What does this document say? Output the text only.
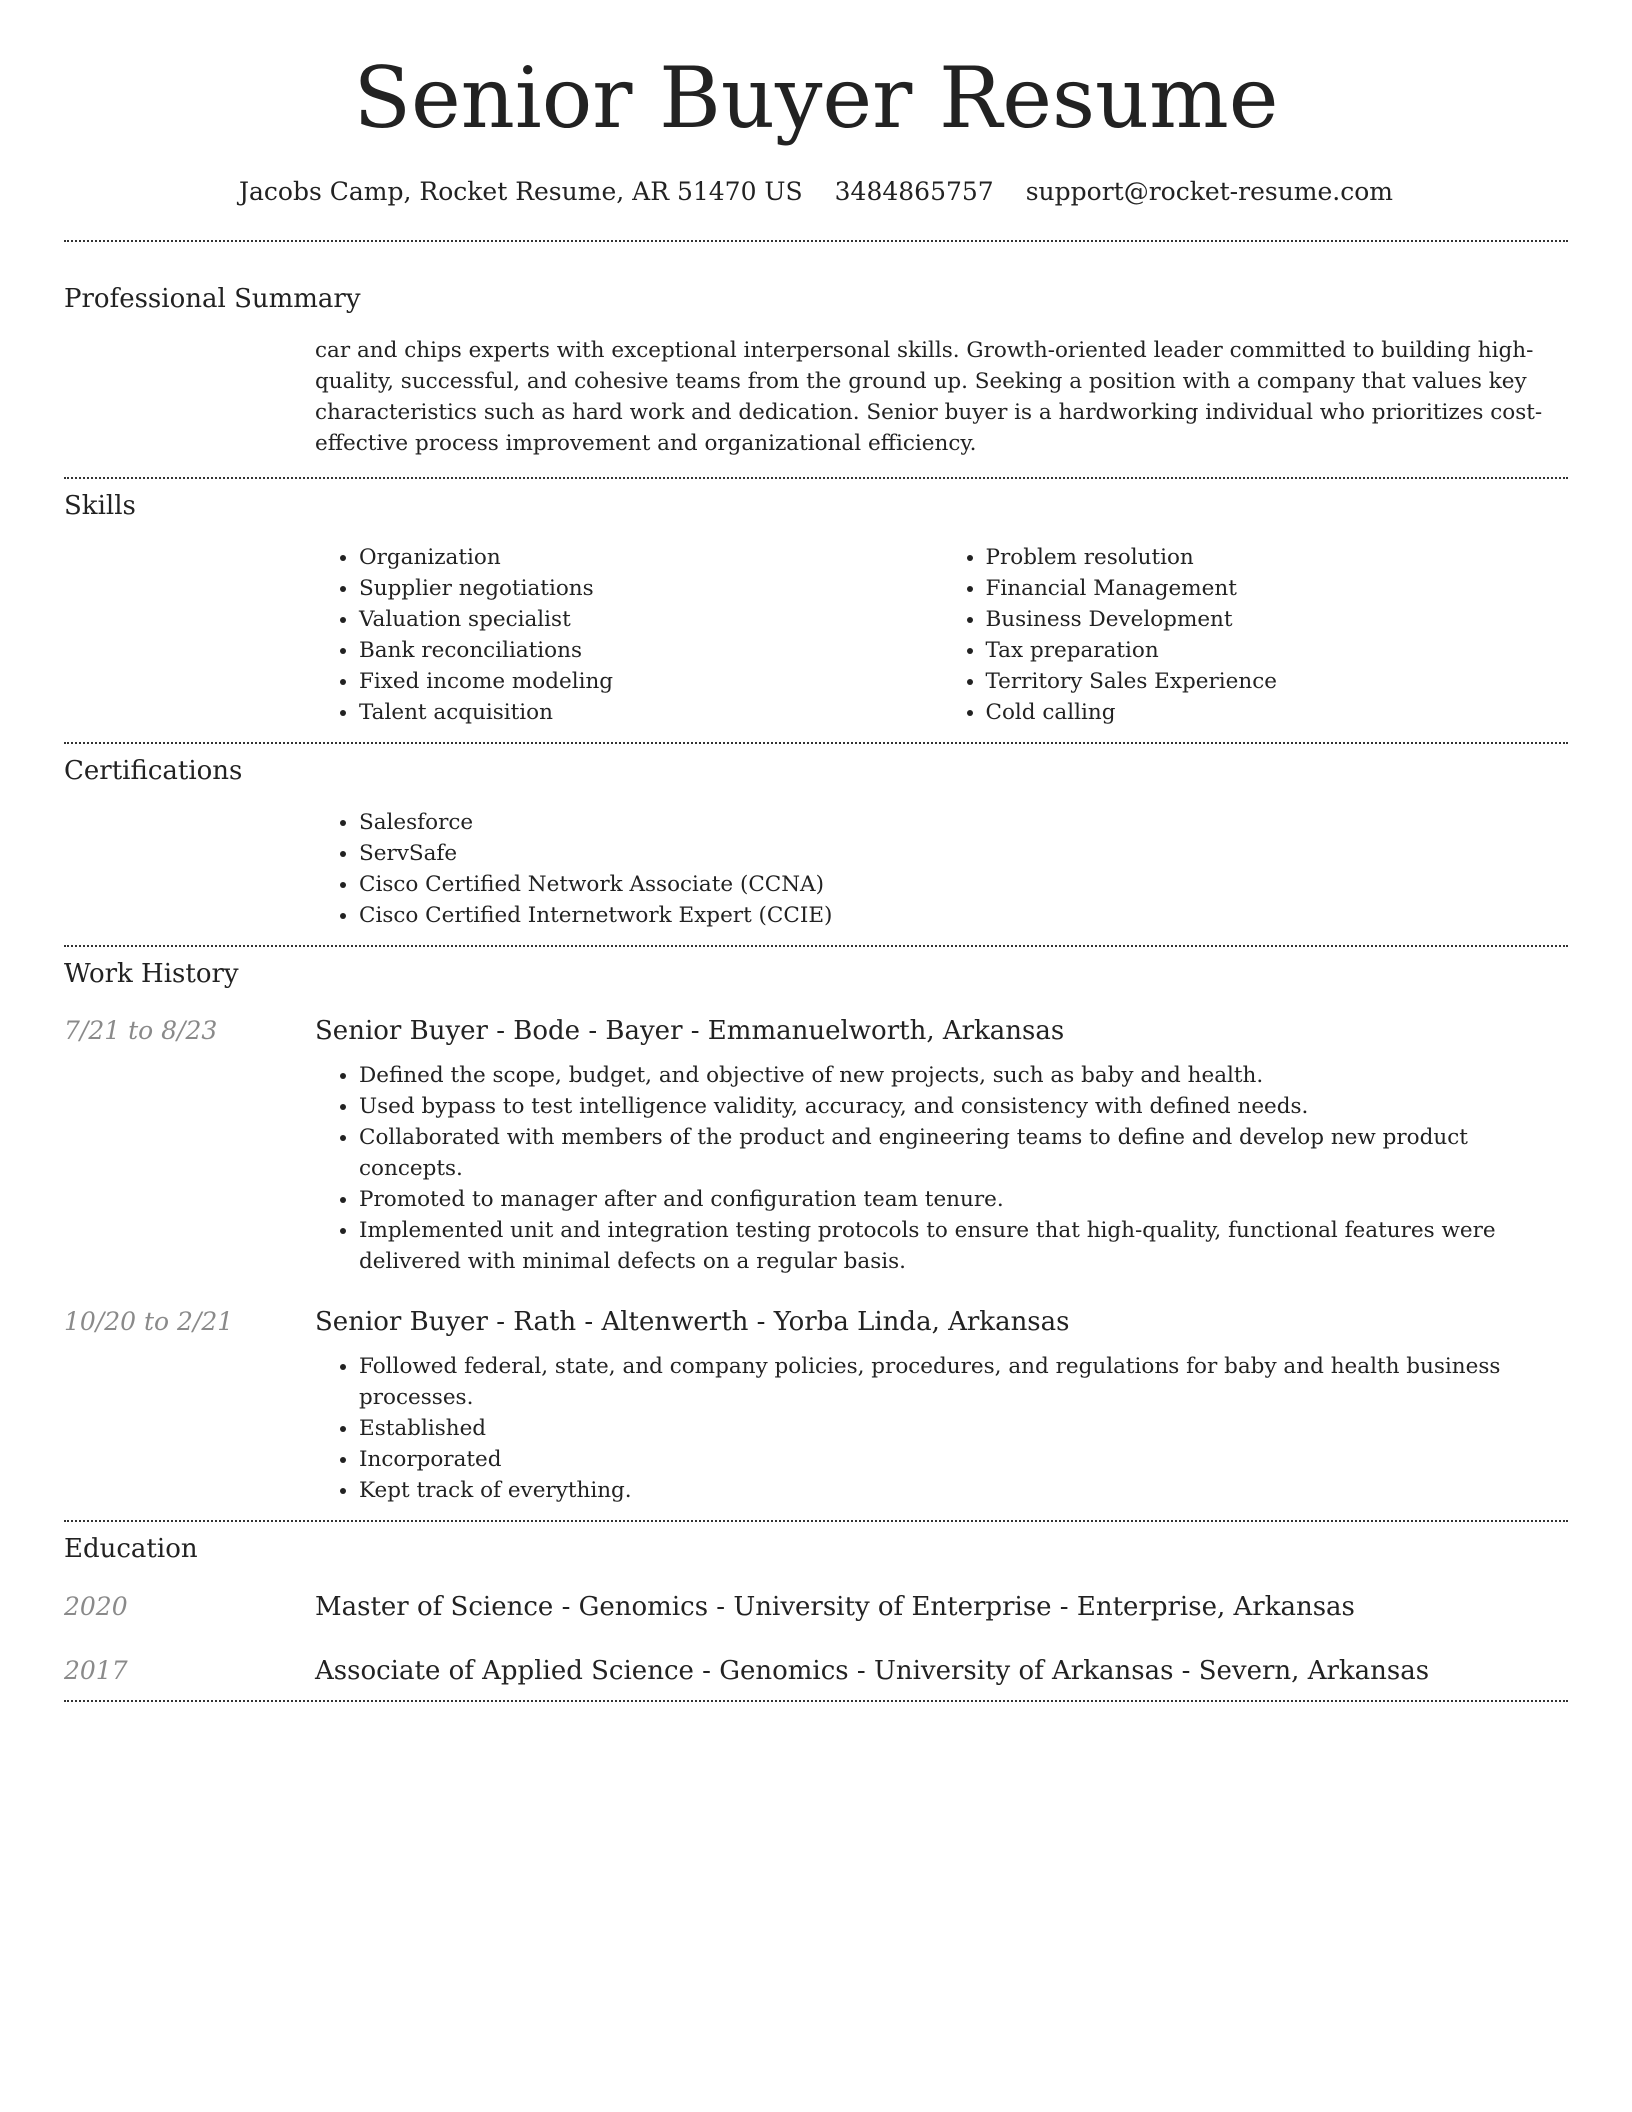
Senior Buyer Resume
Jacobs Camp, Rocket Resume, AR 51470 US 3484865757 support@rocket-resume.com
Professional Summary

car and chips experts with exceptional interpersonal skills. Growth-oriented leader committed to building high-quality, successful, and cohesive teams from the ground up. Seeking a position with a company that values key characteristics such as hard work and dedication. Senior buyer is a hardworking individual who prioritizes cost-effective process improvement and organizational efficiency.

Skills
• Organization
• Supplier negotiations
• Valuation specialist
• Bank reconciliations
• Fixed income modeling
• Talent acquisition
• Problem resolution
• Financial Management
• Business Development
• Tax preparation
• Territory Sales Experience
• Cold calling
Certifications
• Salesforce
• ServSafe
• Cisco Certified Network Associate (CCNA)
• Cisco Certified Internetwork Expert (CCIE)
Work History
7/21 to 8/23	Senior Buyer - Bode - Bayer - Emmanuelworth, Arkansas
• Defined the scope, budget, and objective of new projects, such as baby and health.
• Used bypass to test intelligence validity, accuracy, and consistency with defined needs.
• Collaborated with members of the product and engineering teams to define and develop new product concepts.
• Promoted to manager after and configuration team tenure.
• Implemented unit and integration testing protocols to ensure that high-quality, functional features were delivered with minimal defects on a regular basis.
10/20 to 2/21	Senior Buyer - Rath - Altenwerth - Yorba Linda, Arkansas
• Followed federal, state, and company policies, procedures, and regulations for baby and health business processes.
• Established
• Incorporated
• Kept track of everything.
Education
2020	Master of Science - Genomics - University of Enterprise - Enterprise, Arkansas
2017	Associate of Applied Science - Genomics - University of Arkansas - Severn, Arkansas
